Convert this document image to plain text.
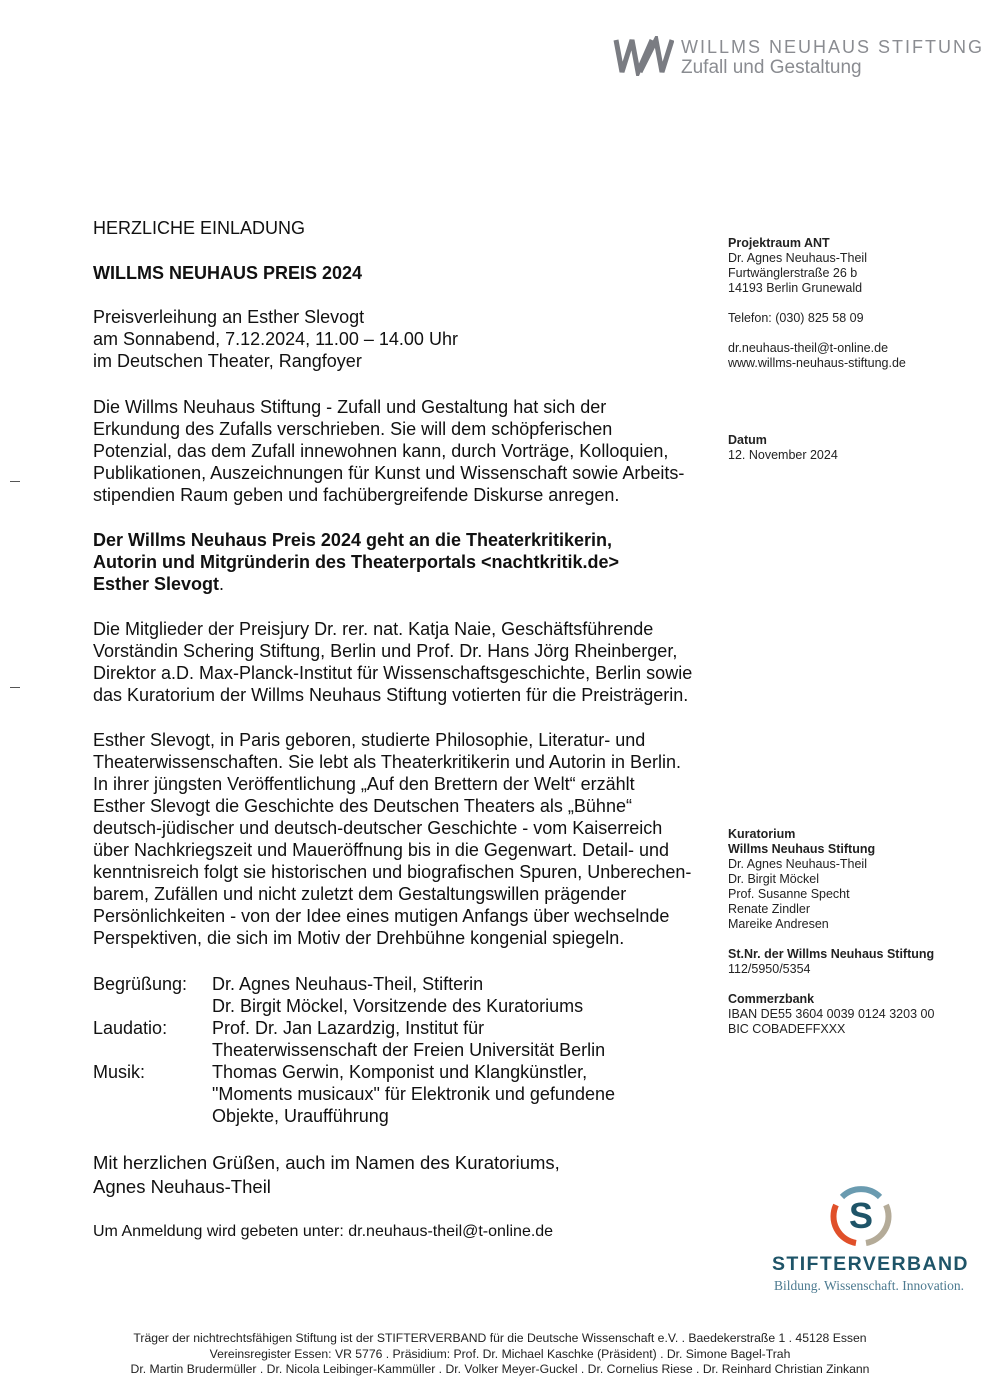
WILLMS NEUHAUS STIFTUNG
Zufall und Gestaltung
HERZLICHE EINLADUNG
WILLMS NEUHAUS PREIS 2024
Preisverleihung an Esther Slevogt
am Sonnabend, 7.12.2024, 11.00 – 14.00 Uhr
im Deutschen Theater, Rangfoyer
Die Willms Neuhaus Stiftung - Zufall und Gestaltung hat sich der
Erkundung des Zufalls verschrieben. Sie will dem schöpferischen
Potenzial, das dem Zufall innewohnen kann, durch Vorträge, Kolloquien,
Publikationen, Auszeichnungen für Kunst und Wissenschaft sowie Arbeits-
stipendien Raum geben und fachübergreifende Diskurse anregen.
Der Willms Neuhaus Preis 2024 geht an die Theaterkritikerin,
Autorin und Mitgründerin des Theaterportals <nachtkritik.de>
Esther Slevogt.
Die Mitglieder der Preisjury Dr. rer. nat. Katja Naie, Geschäftsführende
Vorständin Schering Stiftung, Berlin und Prof. Dr. Hans Jörg Rheinberger,
Direktor a.D. Max-Planck-Institut für Wissenschaftsgeschichte, Berlin sowie
das Kuratorium der Willms Neuhaus Stiftung votierten für die Preisträgerin.
Esther Slevogt, in Paris geboren, studierte Philosophie, Literatur- und
Theaterwissenschaften. Sie lebt als Theaterkritikerin und Autorin in Berlin.
In ihrer jüngsten Veröffentlichung „Auf den Brettern der Welt“ erzählt
Esther Slevogt die Geschichte des Deutschen Theaters als „Bühne“
deutsch-jüdischer und deutsch-deutscher Geschichte - vom Kaiserreich
über Nachkriegszeit und Maueröffnung bis in die Gegenwart. Detail- und
kenntnisreich folgt sie historischen und biografischen Spuren, Unberechen-
barem, Zufällen und nicht zuletzt dem Gestaltungswillen prägender
Persönlichkeiten - von der Idee eines mutigen Anfangs über wechselnde
Perspektiven, die sich im Motiv der Drehbühne kongenial spiegeln.
Begrüßung:	Dr. Agnes Neuhaus-Theil, Stifterin
Dr. Birgit Möckel, Vorsitzende des Kuratoriums
Laudatio:	Prof. Dr. Jan Lazardzig, Institut für
Theaterwissenschaft der Freien Universität Berlin
Musik:	Thomas Gerwin, Komponist und Klangkünstler,
"Moments musicaux" für Elektronik und gefundene
Objekte, Uraufführung
Mit herzlichen Grüßen, auch im Namen des Kuratoriums,
Agnes Neuhaus-Theil
Um Anmeldung wird gebeten unter: dr.neuhaus-theil@t-online.de
Projektraum ANT
Dr. Agnes Neuhaus-Theil
Furtwänglerstraße 26 b
14193 Berlin Grunewald
Telefon: (030) 825 58 09
dr.neuhaus-theil@t-online.de
www.willms-neuhaus-stiftung.de
Datum
12. November 2024
Kuratorium
Willms Neuhaus Stiftung
Dr. Agnes Neuhaus-Theil
Dr. Birgit Möckel
Prof. Susanne Specht
Renate Zindler
Mareike Andresen
St.Nr. der Willms Neuhaus Stiftung
112/5950/5354
Commerzbank
IBAN DE55 3604 0039 0124 3203 00
BIC COBADEFFXXX
S
STIFTERVERBAND
Bildung. Wissenschaft. Innovation.
Träger der nichtrechtsfähigen Stiftung ist der STIFTERVERBAND für die Deutsche Wissenschaft e.V. . Baedekerstraße 1 . 45128 Essen
Vereinsregister Essen: VR 5776 . Präsidium: Prof. Dr. Michael Kaschke (Präsident) . Dr. Simone Bagel-Trah
Dr. Martin Brudermüller . Dr. Nicola Leibinger-Kammüller . Dr. Volker Meyer-Guckel . Dr. Cornelius Riese . Dr. Reinhard Christian Zinkann
